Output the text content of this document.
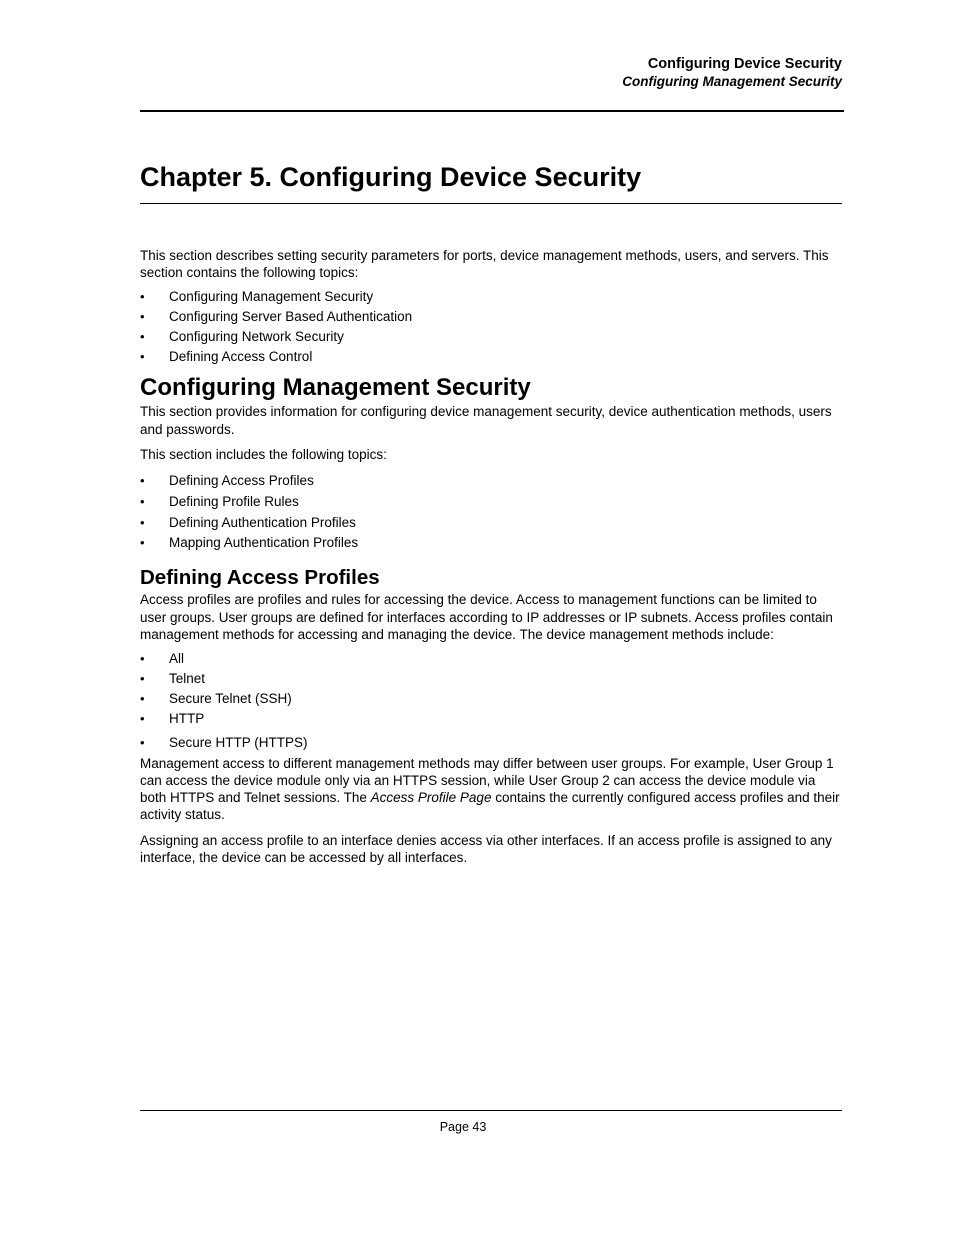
Configuring Device Security
Configuring Management Security
Chapter 5. Configuring Device Security

This section describes setting security parameters for ports, device management methods, users, and servers. This section contains the following topics:

• Configuring Management Security
• Configuring Server Based Authentication
• Configuring Network Security
• Defining Access Control
Configuring Management Security

This section provides information for configuring device management security, device authentication methods, users and passwords.

This section includes the following topics:

• Defining Access Profiles
• Defining Profile Rules
• Defining Authentication Profiles
• Mapping Authentication Profiles
Defining Access Profiles

Access profiles are profiles and rules for accessing the device. Access to management functions can be limited to user groups. User groups are defined for interfaces according to IP addresses or IP subnets. Access profiles contain management methods for accessing and managing the device. The device management methods include:

• All
• Telnet
• Secure Telnet (SSH)
• HTTP
• Secure HTTP (HTTPS)

Management access to different management methods may differ between user groups. For example, User Group 1 can access the device module only via an HTTPS session, while User Group 2 can access the device module via both HTTPS and Telnet sessions. The Access Profile Page contains the currently configured access profiles and their activity status.

Assigning an access profile to an interface denies access via other interfaces. If an access profile is assigned to any interface, the device can be accessed by all interfaces.

Page 43
